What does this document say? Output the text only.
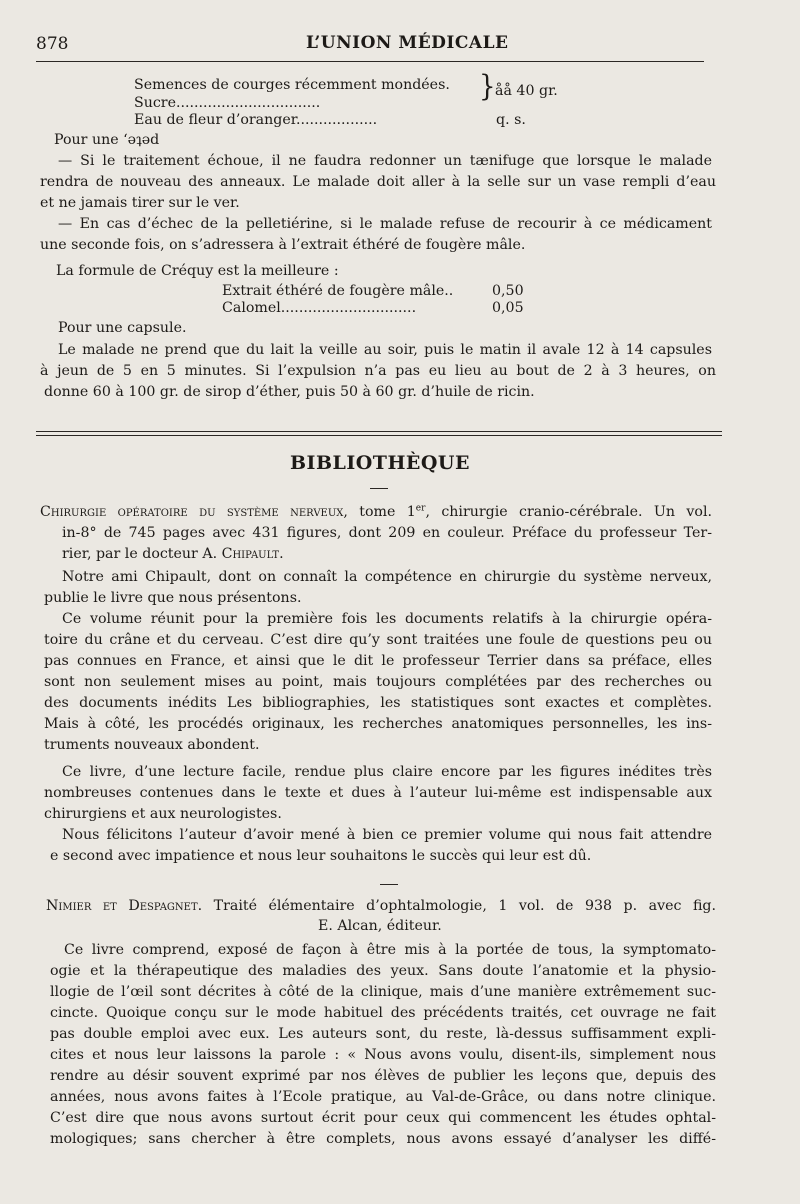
878	L’UNION MÉDICALE
Semences de courges récemment mondées. } åå 40 gr.
Sucre................................
Eau de fleur d’oranger..................	q. s.
Pour une ‘ǝʇǝd
— Si le traitement échoue, il ne faudra redonner un tænifuge que lorsque le malade
rendra de nouveau des anneaux. Le malade doit aller à la selle sur un vase rempli d’eau
et ne jamais tirer sur le ver.
— En cas d’échec de la pelletiérine, si le malade refuse de recourir à ce médicament
une seconde fois, on s’adressera à l’extrait éthéré de fougère mâle.
La formule de Créquy est la meilleure :
Extrait éthéré de fougère mâle..	0,50
Calomel..............................	0,05
Pour une capsule.
Le malade ne prend que du lait la veille au soir, puis le matin il avale 12 à 14 capsules
à jeun de 5 en 5 minutes. Si l’expulsion n’a pas eu lieu au bout de 2 à 3 heures, on
donne 60 à 100 gr. de sirop d’éther, puis 50 à 60 gr. d’huile de ricin.
BIBLIOTHÈQUE
Chirurgie opératoire du système nerveux, tome 1er, chirurgie cranio-cérébrale. Un vol.
in-8° de 745 pages avec 431 figures, dont 209 en couleur. Préface du professeur Ter-
rier, par le docteur A. Chipault.
Notre ami Chipault, dont on connaît la compétence en chirurgie du système nerveux,
publie le livre que nous présentons.
Ce volume réunit pour la première fois les documents relatifs à la chirurgie opéra-
toire du crâne et du cerveau. C’est dire qu’y sont traitées une foule de questions peu ou
pas connues en France, et ainsi que le dit le professeur Terrier dans sa préface, elles
sont non seulement mises au point, mais toujours complétées par des recherches ou
des documents inédits Les bibliographies, les statistiques sont exactes et complètes.
Mais à côté, les procédés originaux, les recherches anatomiques personnelles, les ins-
truments nouveaux abondent.
Ce livre, d’une lecture facile, rendue plus claire encore par les figures inédites très
nombreuses contenues dans le texte et dues à l’auteur lui-même est indispensable aux
chirurgiens et aux neurologistes.
Nous félicitons l’auteur d’avoir mené à bien ce premier volume qui nous fait attendre
e second avec impatience et nous leur souhaitons le succès qui leur est dû.
Nimier et Despagnet. Traité élémentaire d’ophtalmologie, 1 vol. de 938 p. avec fig.
E. Alcan, éditeur.
Ce livre comprend, exposé de façon à être mis à la portée de tous, la symptomato-
ogie et la thérapeutique des maladies des yeux. Sans doute l’anatomie et la physio-
llogie de l’œil sont décrites à côté de la clinique, mais d’une manière extrêmement suc-
cincte. Quoique conçu sur le mode habituel des précédents traités, cet ouvrage ne fait
pas double emploi avec eux. Les auteurs sont, du reste, là-dessus suffisamment expli-
cites et nous leur laissons la parole : « Nous avons voulu, disent-ils, simplement nous
rendre au désir souvent exprimé par nos élèves de publier les leçons que, depuis des
années, nous avons faites à l’Ecole pratique, au Val-de-Grâce, ou dans notre clinique.
C’est dire que nous avons surtout écrit pour ceux qui commencent les études ophtal-
mologiques; sans chercher à être complets, nous avons essayé d’analyser les diffé-
